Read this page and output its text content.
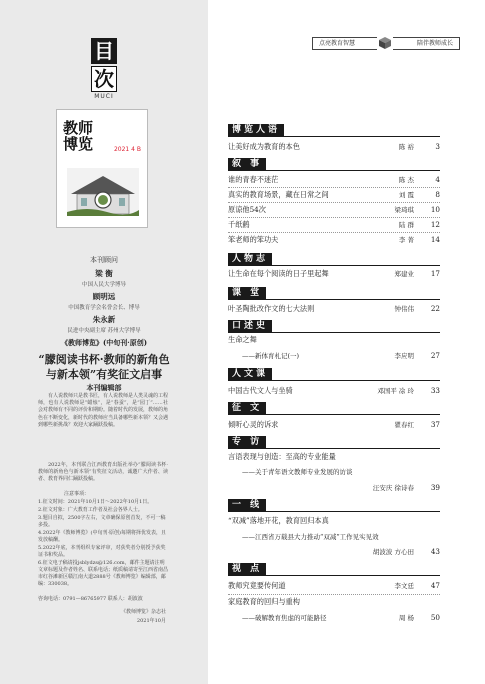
目
次
MUCI
教师博览	2021 4 B
本刊顾问
梁 衡
中国人民大学博导
顾明远
中国教育学会名誉会长、博导
朱永新
民进中央副主席 苏州大学博导
《教师博览》(中旬刊·原创)
“朦阅读书杯·教师的新角色
与新本领”有奖征文启事
本刊编辑部

有人说教师只是教书匠，有人说教师是人类灵魂的工程师，也有人说教师是“蜡烛”，是“春蚕”，是“园丁”……社会对教师有不同的评价和期盼。随着时代的发展，教师的角色在不断变化，新时代的教师应当具备哪些新本领？又会遇到哪些新挑战？欢迎大家踊跃投稿。

2022年，本刊联合江西教育出版社举办“朦阅读书杯·教师的新角色与新本领”有奖征文活动，诚邀广大作者、读者、教育界同仁踊跃投稿。

注意事项：
1.征文时间：2021年10月1日～2022年10月1日。
2.征文对象：广大教育工作者及社会各界人士。
3.题目自拟，2500字左右，文章确保原创首发，不可一稿多投。
4.2022年《教师博览》(中旬刊·原创)每期将择优发表，且发放稿酬。
5.2022年底，本刊组织专家评审，对获奖者分别授予获奖证书和奖品。
6.征文电子稿请投jsblydzs@126.com，邮件主题请注明文章标题及作者姓名、联系电话；纸质稿请寄至江西省南昌市红谷滩新区赣江南大道2888号《教师博览》编辑部，邮编：330038。
咨询电话：0791—86765977 联系人：胡波波
《教师博览》杂志社
2021年10月
点亮教育智慧	陪伴教师成长
博览人语
让美好成为教育的本色	陈 裕	3
叙 事
谁的青春不迷茫	陈 杰	4
真实的教育场景，藏在日常之间	刘 霞	8
原谅他54次	梁琦琪	10
千纸鹤	陆 群	12
笨老师的笨功夫	李 菁	14
人物志
让生命在每个阅读的日子里起舞	郑建业	17
课 堂
叶圣陶批改作文的七大法则	钟伟伟	22
口述史
生命之舞
——新体育札记(一)	李应明	27
人文课
中国古代文人与坐骑	邓国平 凃 玲	33
征 文
倾听心灵的诉求	瞿春红	37
专 访
言语表现与创造：至高的专业能量
——关于青年语文教师专业发展的访谈
汪安庆 徐诗春	39
一 线
“双减”落地开花，教育回归本真
——江西省万载县大力推动“双减”工作见实见效
胡波波 方心田	43
视 点
教师究竟要传何道	李文廷	47
家庭教育的回归与重构
——破解教育焦虑的可能路径	周 杨	50
